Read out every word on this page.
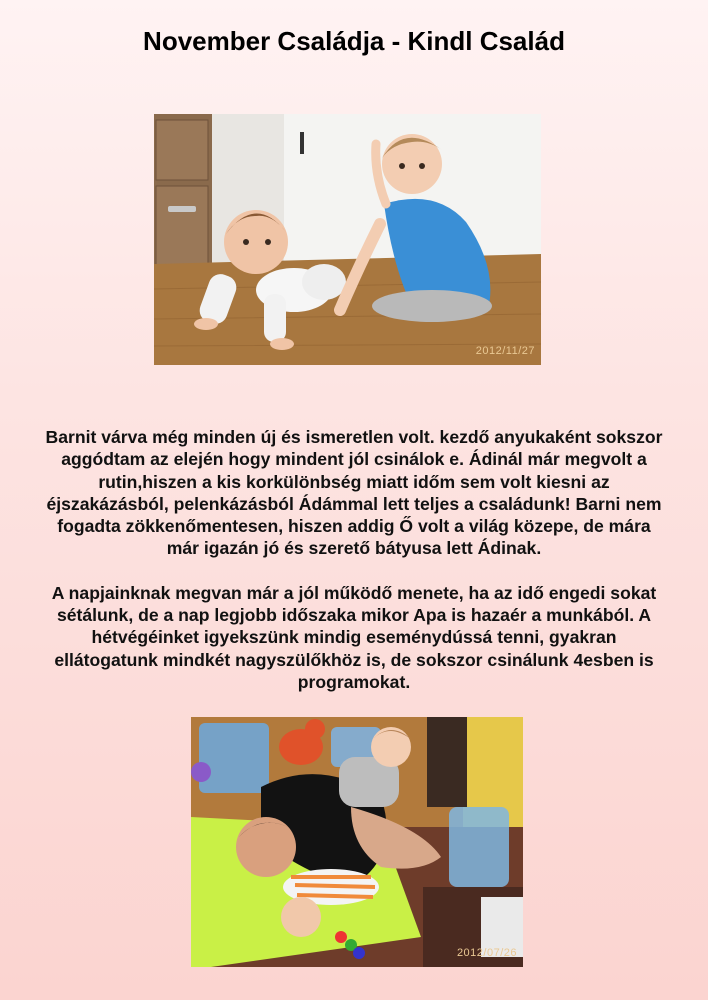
November Családja - Kindl Család
2012/11/27

Barnit várva még minden új és ismeretlen volt. kezdő anyukaként sokszor aggódtam az elején hogy mindent jól csinálok e. Ádinál már megvolt a rutin,hiszen a kis korkülönbség miatt időm sem volt kiesni az éjszakázásból, pelenkázásból Ádámmal lett teljes a családunk! Barni nem fogadta zökkenőmentesen, hiszen addig Ő volt a világ közepe, de mára már igazán jó és szerető bátyusa lett Ádinak.

A napjainknak megvan már a jól működő menete, ha az idő engedi sokat sétálunk, de a nap legjobb időszaka mikor Apa is hazaér a munkából. A hétvégéinket igyekszünk mindig eseménydússá tenni, gyakran ellátogatunk mindkét nagyszülőkhöz is, de sokszor csinálunk 4esben is programokat.

2012/07/26
